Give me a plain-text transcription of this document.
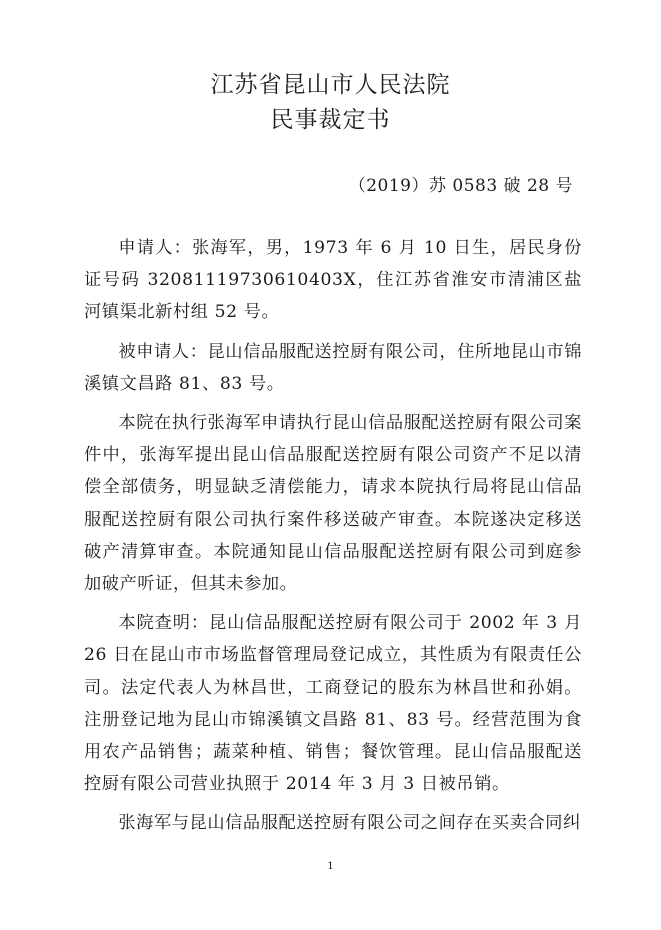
江苏省昆山市人民法院
民事裁定书
（2019）苏 0583 破 28 号

申请人：张海军，男，1973 年 6 月 10 日生，居民身份证号码 320811197306104​03X，住江苏省淮安市清浦区盐河镇渠北新村组 52 号。

被申请人：昆山信品服配送控厨有限公司，住所地昆山市锦溪镇文昌路 81、83 号。

本院在执行张海军申请执行昆山信品服配送控厨有限公司案件中，张海军提出昆山信品服配送控厨有限公司资产不足以清偿全部债务，明显缺乏清偿能力，请求本院执行局将昆山信品服配送控厨有限公司执行案件移送破产审查。本院遂决定移送破产清算审查。本院通知昆山信品服配送控厨有限公司到庭参加破产听证，但其未参加。

本院查明：昆山信品服配送控厨有限公司于 2002 年 3 月 26 日在昆山市市场监督管理局登记成立，其性质为有限责任公司。法定代表人为林昌世，工商登记的股东为林昌世和孙娟。注册登记地为昆山市锦溪镇文昌路 81、83 号。经营范围为食用农产品销售；蔬菜种植、销售；餐饮管理。昆山信品服配送控厨有限公司营业执照于 2014 年 3 月 3 日被吊销。

张海军与昆山信品服配送控厨有限公司之间存在买卖合同纠

1
